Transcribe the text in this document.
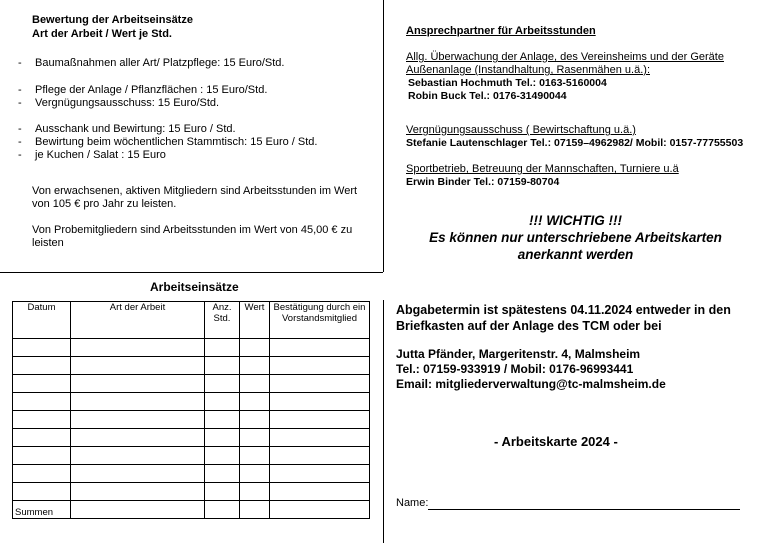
Bewertung der Arbeitseinsätze
Art der Arbeit / Wert je Std.
- Baumaßnahmen aller Art/ Platzpflege: 15 Euro/Std.
- Pflege der Anlage / Pflanzflächen : 15 Euro/Std.
- Vergnügungsausschuss: 15 Euro/Std.
- Ausschank und Bewirtung: 15 Euro / Std.
- Bewirtung beim wöchentlichen Stammtisch: 15 Euro / Std.
- je Kuchen / Salat : 15 Euro
Von erwachsenen, aktiven Mitgliedern sind Arbeitsstunden im Wert
von 105 € pro Jahr zu leisten.
Von Probemitgliedern sind Arbeitsstunden im Wert von 45,00 € zu
leisten
Arbeitseinsätze
Datum	Art der Arbeit	Anz. Std.	Wert	Bestätigung durch ein Vorstandsmitglied

Summen				
Ansprechpartner für Arbeitsstunden
Allg. Überwachung der Anlage, des Vereinsheims und der Geräte
Außenanlage (Instandhaltung, Rasenmähen u.ä.):
Sebastian Hochmuth Tel.: 0163-5160004
Robin Buck Tel.: 0176-31490044
Vergnügungsausschuss ( Bewirtschaftung u.ä.)
Stefanie Lautenschlager Tel.: 07159–4962982/ Mobil: 0157-77755503
Sportbetrieb, Betreuung der Mannschaften, Turniere u.ä
Erwin Binder Tel.: 07159-80704
!!! WICHTIG !!!
Es können nur unterschriebene Arbeitskarten
anerkannt werden
Abgabetermin ist spätestens 04.11.2024 entweder in den
Briefkasten auf der Anlage des TCM oder bei
Jutta Pfänder, Margeritenstr. 4, Malmsheim
Tel.: 07159-933919 / Mobil: 0176-96993441
Email: mitgliederverwaltung@tc-malmsheim.de
- Arbeitskarte 2024 -
Name:
